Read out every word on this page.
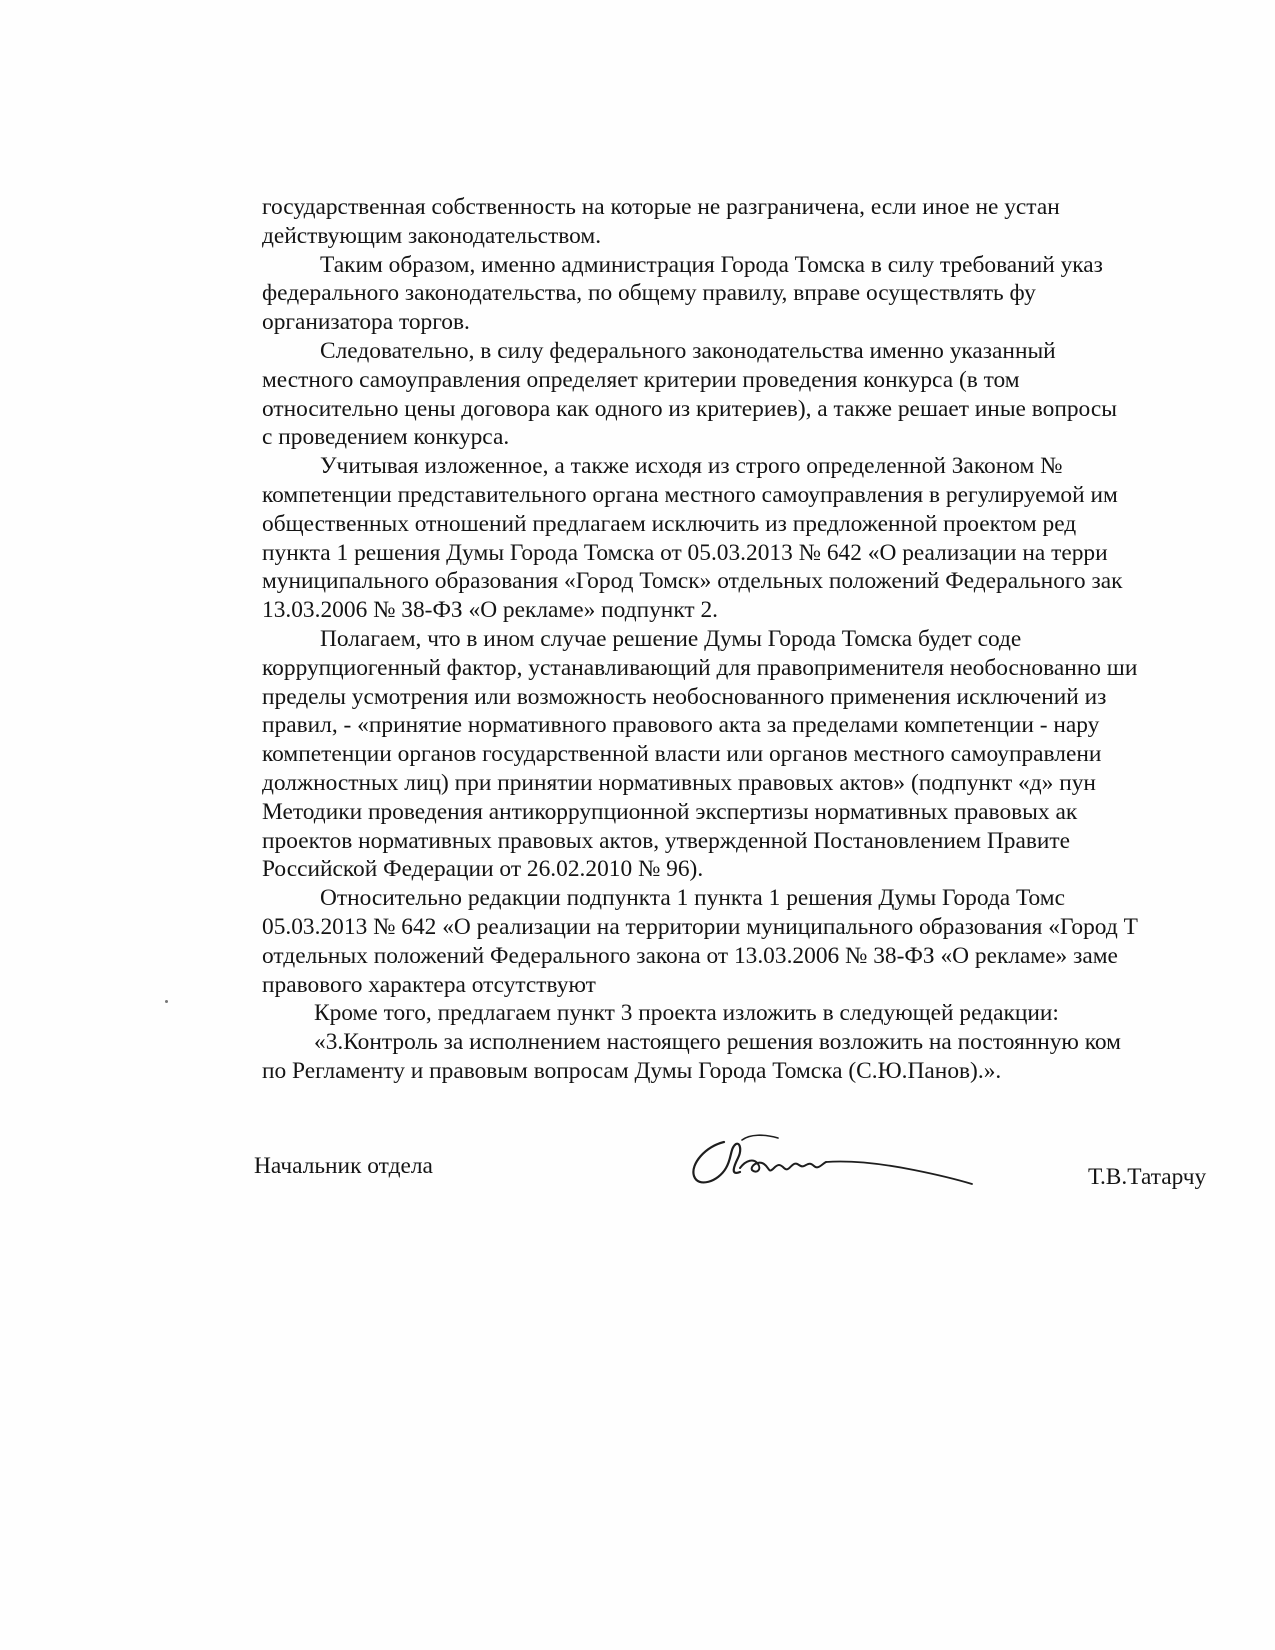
государственная собственность на которые не разграничена, если иное не устан
действующим законодательством.

Таким образом, именно администрация Города Томска в силу требований указ
федерального законодательства, по общему правилу, вправе осуществлять фу
организатора торгов.

Следовательно, в силу федерального законодательства именно указанный
местного самоуправления определяет критерии проведения конкурса (в том
относительно цены договора как одного из критериев), а также решает иные вопросы
с проведением конкурса.

Учитывая изложенное, а также исходя из строго определенной Законом №
компетенции представительного органа местного самоуправления в регулируемой им
общественных отношений предлагаем исключить из предложенной проектом ред
пункта 1 решения Думы Города Томска от 05.03.2013 № 642 «О реализации на терри
муниципального образования «Город Томск» отдельных положений Федерального зак
13.03.2006 № 38-ФЗ «О рекламе» подпункт 2.

Полагаем, что в ином случае решение Думы Города Томска будет соде
коррупциогенный фактор, устанавливающий для правоприменителя необоснованно ши
пределы усмотрения или возможность необоснованного применения исключений из
правил, - «принятие нормативного правового акта за пределами компетенции - нару
компетенции органов государственной власти или органов местного самоуправлени
должностных лиц) при принятии нормативных правовых актов» (подпункт «д» пун
Методики проведения антикоррупционной экспертизы нормативных правовых ак
проектов нормативных правовых актов, утвержденной Постановлением Правите
Российской Федерации от 26.02.2010 № 96).

Относительно редакции подпункта 1 пункта 1 решения Думы Города Томс
05.03.2013 № 642 «О реализации на территории муниципального образования «Город Т
отдельных положений Федерального закона от 13.03.2006 № 38-ФЗ «О рекламе» заме
правового характера отсутствуют

Кроме того, предлагаем пункт 3 проекта изложить в следующей редакции:

«3.Контроль за исполнением настоящего решения возложить на постоянную ком
по Регламенту и правовым вопросам Думы Города Томска (С.Ю.Панов).».

Начальник отдела	Т.В.Татарчу
